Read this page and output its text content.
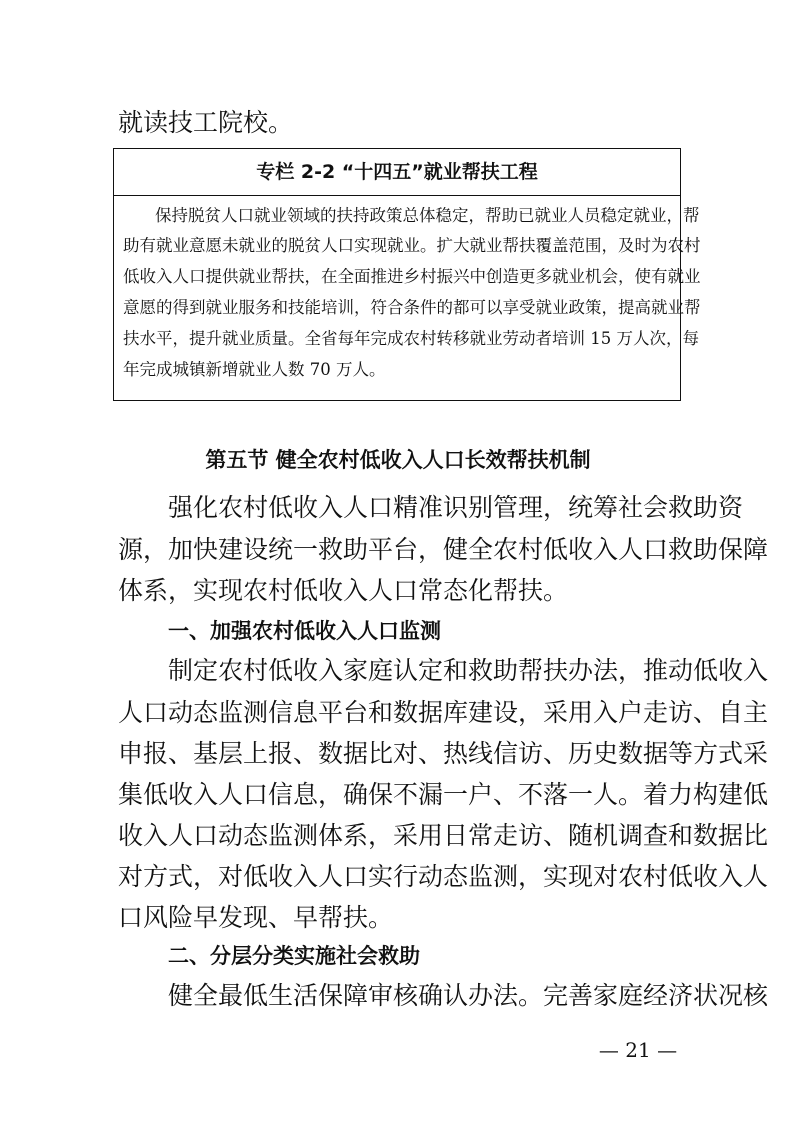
就读技工院校。

专栏 2-2 “十四五”就业帮扶工程

保持脱贫人口就业领域的扶持政策总体稳定，帮助已就业人员稳定就业，帮

助有就业意愿未就业的脱贫人口实现就业。扩大就业帮扶覆盖范围，及时为农村

低收入人口提供就业帮扶，在全面推进乡村振兴中创造更多就业机会，使有就业

意愿的得到就业服务和技能培训，符合条件的都可以享受就业政策，提高就业帮

扶水平，提升就业质量。全省每年完成农村转移就业劳动者培训 15 万人次，每

年完成城镇新增就业人数 70 万人。

第五节 健全农村低收入人口长效帮扶机制

强化农村低收入人口精准识别管理，统筹社会救助资

源，加快建设统一救助平台，健全农村低收入人口救助保障

体系，实现农村低收入人口常态化帮扶。

一、加强农村低收入人口监测

制定农村低收入家庭认定和救助帮扶办法，推动低收入

人口动态监测信息平台和数据库建设，采用入户走访、自主

申报、基层上报、数据比对、热线信访、历史数据等方式采

集低收入人口信息，确保不漏一户、不落一人。着力构建低

收入人口动态监测体系，采用日常走访、随机调查和数据比

对方式，对低收入人口实行动态监测，实现对农村低收入人

口风险早发现、早帮扶。

二、分层分类实施社会救助

健全最低生活保障审核确认办法。完善家庭经济状况核

— 21 —
